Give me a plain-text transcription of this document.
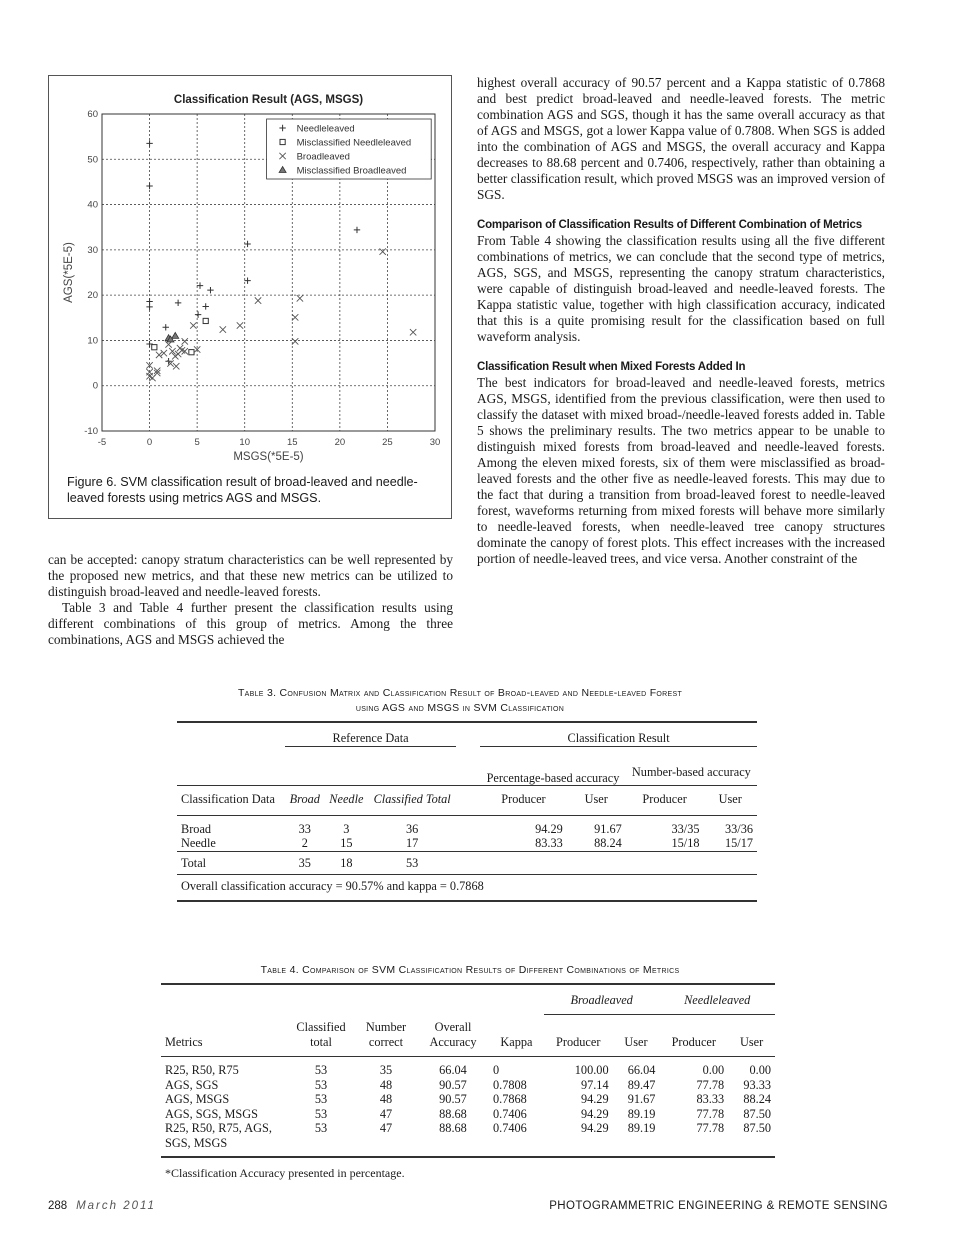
Classification Result (AGS, MSGS)
-5	0	5	10	15	20	25	30
-10
0
10
20
30
40
50
60
MSGS(*5E-5)
AGS(*5E-5)
Needleleaved
Misclassified Needleleaved
Broadleaved
Misclassified Broadleaved
Figure 6. SVM classification result of broad-leaved and needle-leaved forests using metrics AGS and MSGS.

can be accepted: canopy stratum characteristics can be well represented by the proposed new metrics, and that these new metrics can be utilized to distinguish broad-leaved and needle-leaved forests.

Table 3 and Table 4 further present the classification results using different combinations of this group of metrics. Among the three combinations, AGS and MSGS achieved the

highest overall accuracy of 90.57 percent and a Kappa statistic of 0.7868 and best predict broad-leaved and needle-leaved forests. The metric combination AGS and SGS, though it has the same overall accuracy as that of AGS and MSGS, got a lower Kappa value of 0.7808. When SGS is added into the combination of AGS and MSGS, the overall accuracy and Kappa decreases to 88.68 percent and 0.7406, respectively, rather than obtaining a better classification result, which proved MSGS was an improved version of SGS.

Comparison of Classification Results of Different Combination of Metrics

From Table 4 showing the classification results using all the five different combinations of metrics, we can conclude that the second type of metrics, AGS, SGS, and MSGS, representing the canopy stratum characteristics, were capable of distinguish broad-leaved and needle-leaved forests. The Kappa statistic value, together with high classification accuracy, indicated that this is a quite promising result for the classification based on full waveform analysis.

Classification Result when Mixed Forests Added In

The best indicators for broad-leaved and needle-leaved forests, metrics AGS, MSGS, identified from the previous classification, were then used to classify the dataset with mixed broad-/needle-leaved forests added in. Table 5 shows the preliminary results. The two metrics appear to be unable to distinguish mixed forests from broad-leaved and needle-leaved forests. Among the eleven mixed forests, six of them were misclassified as broad-leaved forests and the other five as needle-leaved forests. This may due to the fact that during a transition from broad-leaved forest to needle-leaved forest, waveforms returning from mixed forests will behave more similarly to needle-leaved forests, when needle-leaved tree canopy structures dominate the canopy of forest plots. This effect increases with the increased portion of needle-leaved trees, and vice versa. Another constraint of the

Table 3. Confusion Matrix and Classification Result of Broad-leaved and Needle-leaved Forest
using AGS and MSGS in SVM Classification
	Reference Data				Classification Result			
					Percentage-based accuracy		Number-based accuracy	
Classification Data	Broad	Needle	Classified Total		Producer	User	Producer	User
Broad	33	3	36		94.29	91.67	33/35	33/36
Needle	2	15	17		83.33	88.24	15/18	15/17
Total	35	18	53					
Overall classification accuracy = 90.57% and kappa = 0.7868								
Table 4. Comparison of SVM Classification Results of Different Combinations of Metrics
					Broadleaved		Needleleaved	
Metrics	Classified total	Number correct	Overall Accuracy	Kappa	Producer	User	Producer	User
R25, R50, R75	53	35	66.04	0	100.00	66.04	0.00	0.00
AGS, SGS	53	48	90.57	0.7808	97.14	89.47	77.78	93.33
AGS, MSGS	53	48	90.57	0.7868	94.29	91.67	83.33	88.24
AGS, SGS, MSGS	53	47	88.68	0.7406	94.29	89.19	77.78	87.50
R25, R50, R75, AGS, SGS, MSGS	53	47	88.68	0.7406	94.29	89.19	77.78	87.50
*Classification Accuracy presented in percentage.								
288 March 2011	PHOTOGRAMMETRIC ENGINEERING & REMOTE SENSING
